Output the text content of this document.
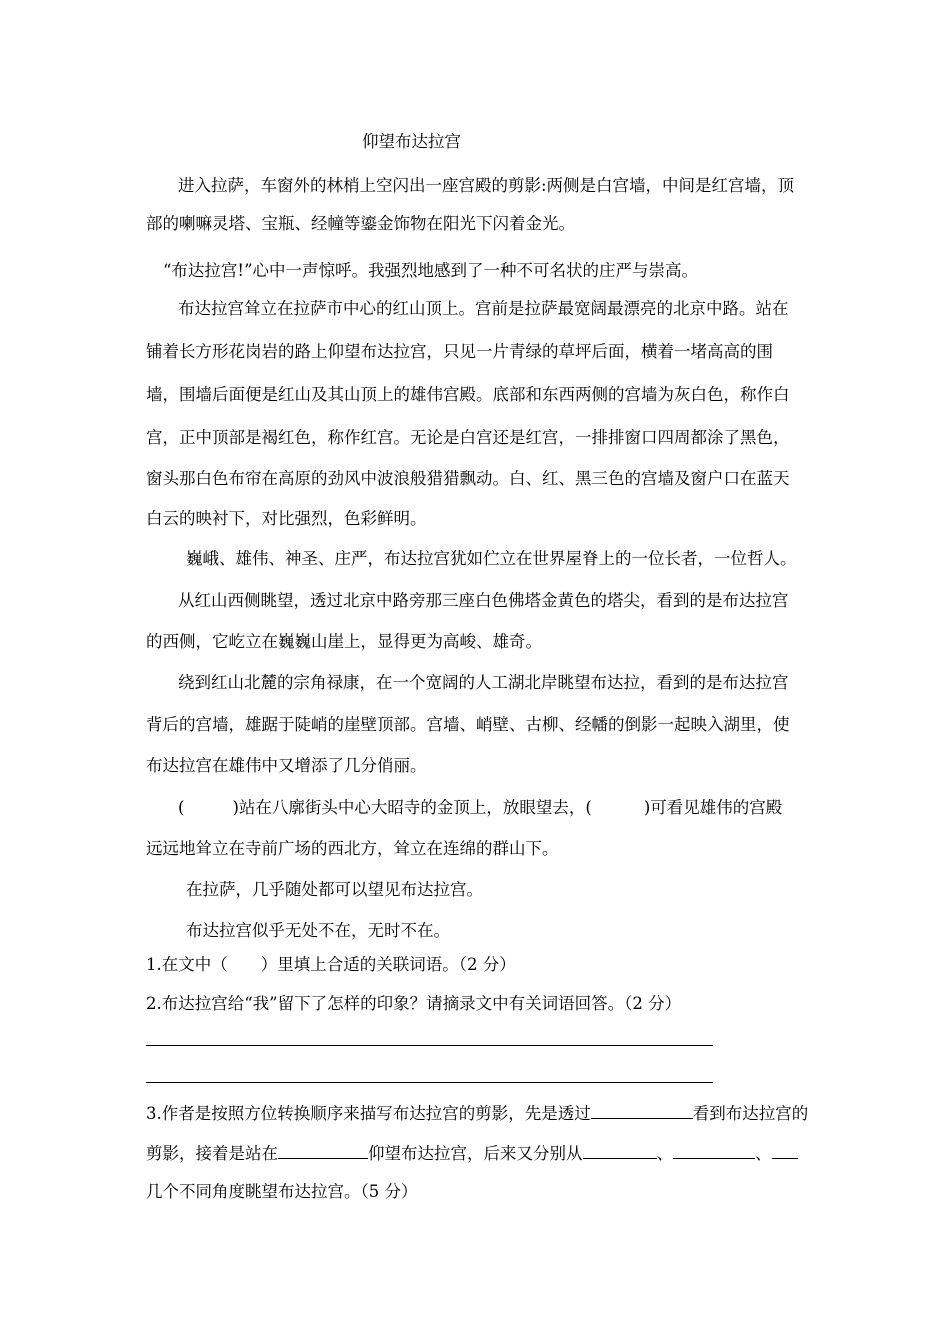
仰望布达拉宫
进入拉萨，车窗外的林梢上空闪出一座宫殿的剪影:两侧是白宫墙，中间是红宫墙，顶
部的喇嘛灵塔、宝瓶、经幢等鎏金饰物在阳光下闪着金光。
“布达拉宫!”心中一声惊呼。我强烈地感到了一种不可名状的庄严与崇高。
布达拉宫耸立在拉萨市中心的红山顶上。宫前是拉萨最宽阔最漂亮的北京中路。站在
铺着长方形花岗岩的路上仰望布达拉宫，只见一片青绿的草坪后面，横着一堵高高的围
墙，围墙后面便是红山及其山顶上的雄伟宫殿。底部和东西两侧的宫墙为灰白色，称作白
宫，正中顶部是褐红色，称作红宫。无论是白宫还是红宫，一排排窗口四周都涂了黑色，
窗头那白色布帘在高原的劲风中波浪般猎猎飘动。白、红、黑三色的宫墙及窗户口在蓝天
白云的映衬下，对比强烈，色彩鲜明。
巍峨、雄伟、神圣、庄严，布达拉宫犹如伫立在世界屋脊上的一位长者，一位哲人。
从红山西侧眺望，透过北京中路旁那三座白色佛塔金黄色的塔尖，看到的是布达拉宫
的西侧，它屹立在巍巍山崖上，显得更为高峻、雄奇。
绕到红山北麓的宗角禄康，在一个宽阔的人工湖北岸眺望布达拉，看到的是布达拉宫
背后的宫墙，雄踞于陡峭的崖壁顶部。宫墙、峭壁、古柳、经幡的倒影一起映入湖里，使
布达拉宫在雄伟中又增添了几分俏丽。
(	)站在八廓街头中心大昭寺的金顶上，放眼望去，(	)可看见雄伟的宫殿
远远地耸立在寺前广场的西北方，耸立在连绵的群山下。
在拉萨，几乎随处都可以望见布达拉宫。
布达拉宫似乎无处不在，无时不在。
1.在文中（　　）里填上合适的关联词语。（2 分）
2.布达拉宫给“我”留下了怎样的印象？请摘录文中有关词语回答。（2 分）
3.作者是按照方位转换顺序来描写布达拉宫的剪影，先是透过	看到布达拉宫的
剪影，接着是站在	仰望布达拉宫，后来又分别从	、	、
几个不同角度眺望布达拉宫。（5 分）
